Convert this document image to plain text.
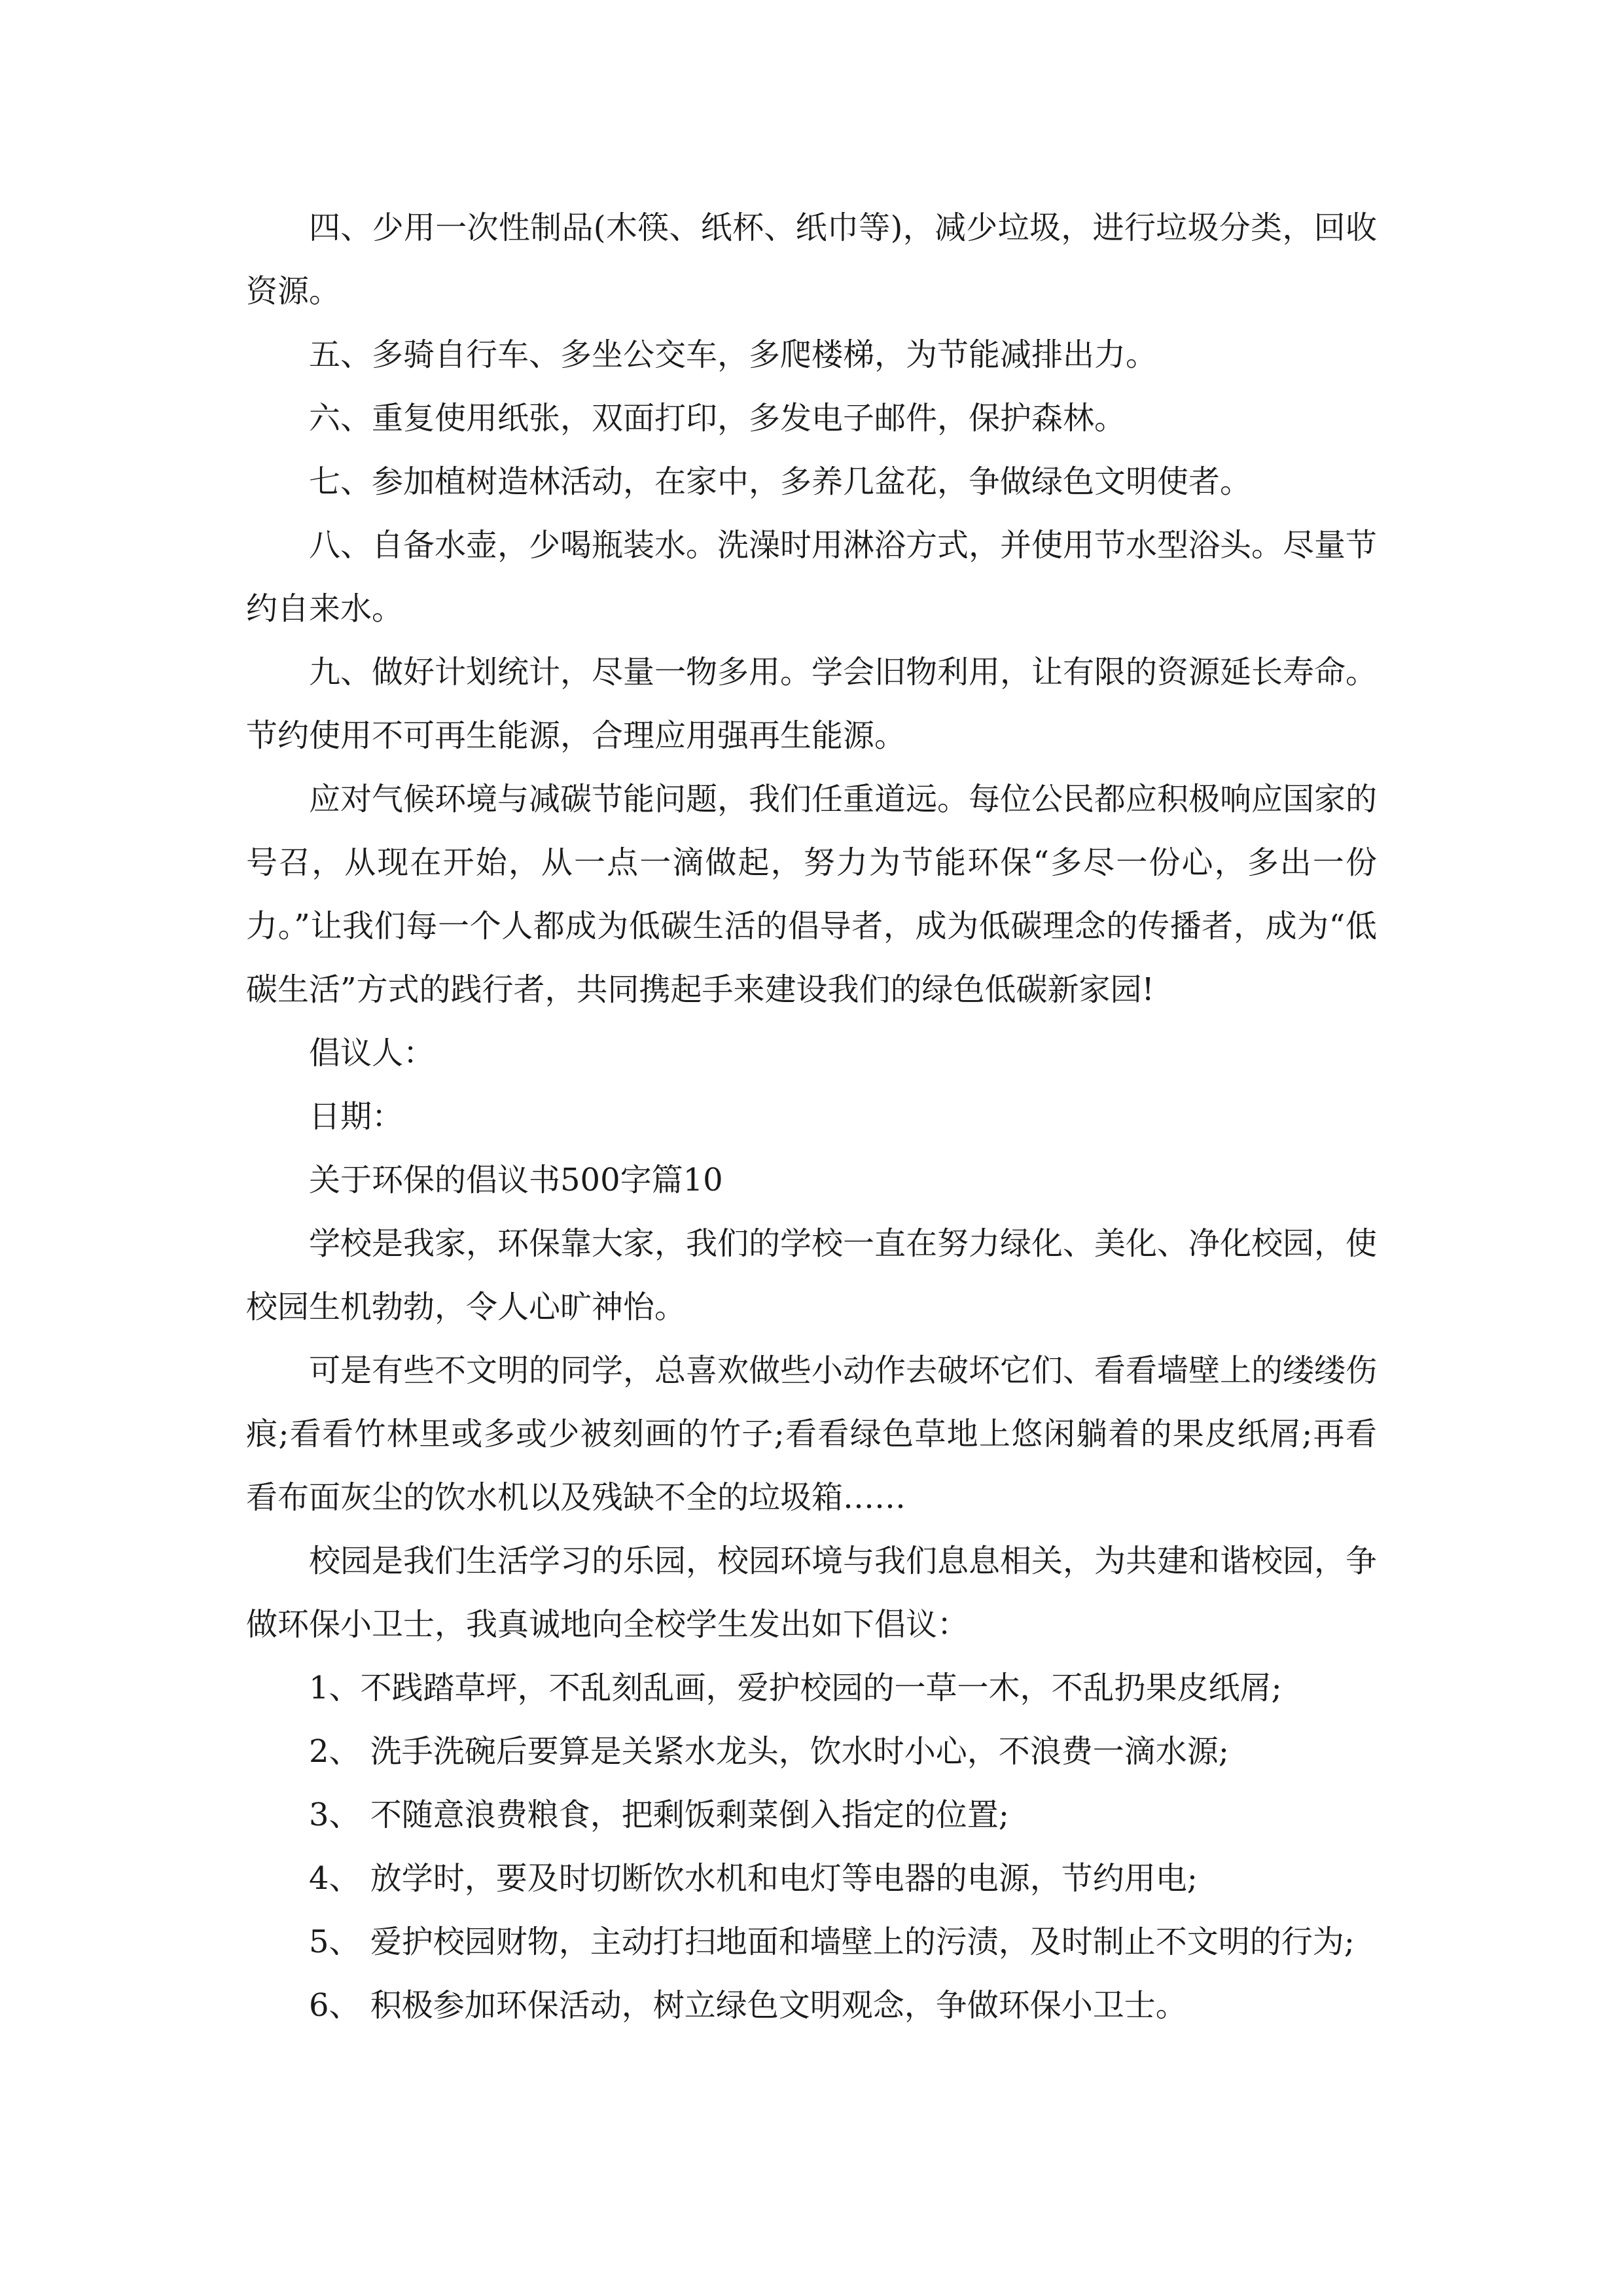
四、少用一次性制品(木筷、纸杯、纸巾等)，减少垃圾，进行垃圾分类，回收资源。

五、多骑自行车、多坐公交车，多爬楼梯，为节能减排出力。

六、重复使用纸张，双面打印，多发电子邮件，保护森林。

七、参加植树造林活动，在家中，多养几盆花，争做绿色文明使者。

八、自备水壶，少喝瓶装水。洗澡时用淋浴方式，并使用节水型浴头。尽量节约自来水。

九、做好计划统计，尽量一物多用。学会旧物利用，让有限的资源延长寿命。节约使用不可再生能源，合理应用强再生能源。

应对气候环境与减碳节能问题，我们任重道远。每位公民都应积极响应国家的号召，从现在开始，从一点一滴做起，努力为节能环保“多尽一份心，多出一份力。”让我们每一个人都成为低碳生活的倡导者，成为低碳理念的传播者，成为“低碳生活”方式的践行者，共同携起手来建设我们的绿色低碳新家园!

倡议人：

日期：

关于环保的倡议书500字篇10

学校是我家，环保靠大家，我们的学校一直在努力绿化、美化、净化校园，使校园生机勃勃，令人心旷神怡。

可是有些不文明的同学，总喜欢做些小动作去破坏它们、看看墙壁上的缕缕伤痕;看看竹林里或多或少被刻画的竹子;看看绿色草地上悠闲躺着的果皮纸屑;再看看布面灰尘的饮水机以及残缺不全的垃圾箱……

校园是我们生活学习的乐园，校园环境与我们息息相关，为共建和谐校园，争做环保小卫士，我真诚地向全校学生发出如下倡议：

1、不践踏草坪，不乱刻乱画，爱护校园的一草一木，不乱扔果皮纸屑;

2、 洗手洗碗后要算是关紧水龙头，饮水时小心，不浪费一滴水源;

3、 不随意浪费粮食，把剩饭剩菜倒入指定的位置;

4、 放学时，要及时切断饮水机和电灯等电器的电源，节约用电;

5、 爱护校园财物，主动打扫地面和墙壁上的污渍，及时制止不文明的行为;

6、 积极参加环保活动，树立绿色文明观念，争做环保小卫士。
